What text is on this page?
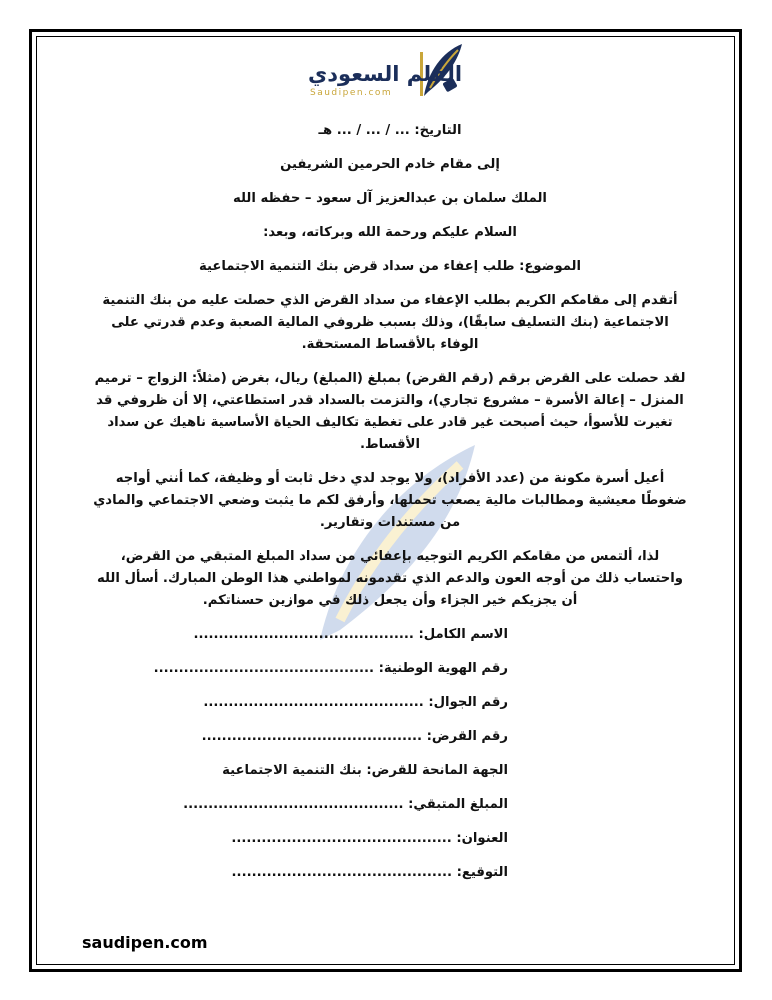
القلم السعودي
Saudipen.com
التاريخ: ... / ... / ... هـ
إلى مقام خادم الحرمين الشريفين
الملك سلمان بن عبدالعزيز آل سعود – حفظه الله
السلام عليكم ورحمة الله وبركاته، وبعد:
الموضوع: طلب إعفاء من سداد قرض بنك التنمية الاجتماعية
أتقدم إلى مقامكم الكريم بطلب الإعفاء من سداد القرض الذي حصلت عليه من بنك التنمية الاجتماعية (بنك التسليف سابقًا)، وذلك بسبب ظروفي المالية الصعبة وعدم قدرتي على الوفاء بالأقساط المستحقة.
لقد حصلت على القرض برقم (رقم القرض) بمبلغ (المبلغ) ريال، بغرض (مثلاً: الزواج – ترميم المنزل – إعالة الأسرة – مشروع تجاري)، والتزمت بالسداد قدر استطاعتي، إلا أن ظروفي قد تغيرت للأسوأ، حيث أصبحت غير قادر على تغطية تكاليف الحياة الأساسية ناهيك عن سداد الأقساط.
أعيل أسرة مكونة من (عدد الأفراد)، ولا يوجد لدي دخل ثابت أو وظيفة، كما أنني أواجه ضغوطًا معيشية ومطالبات مالية يصعب تحملها، وأرفق لكم ما يثبت وضعي الاجتماعي والمادي من مستندات وتقارير.
لذا، ألتمس من مقامكم الكريم التوجيه بإعفائي من سداد المبلغ المتبقي من القرض، واحتساب ذلك من أوجه العون والدعم الذي تقدمونه لمواطني هذا الوطن المبارك. أسأل الله أن يجزيكم خير الجزاء وأن يجعل ذلك في موازين حسناتكم.
الاسم الكامل: ............................................
رقم الهوية الوطنية: ............................................
رقم الجوال: ............................................
رقم القرض: ............................................
الجهة المانحة للقرض: بنك التنمية الاجتماعية
المبلغ المتبقي: ............................................
العنوان: ............................................
التوقيع: ............................................
saudipen.com
